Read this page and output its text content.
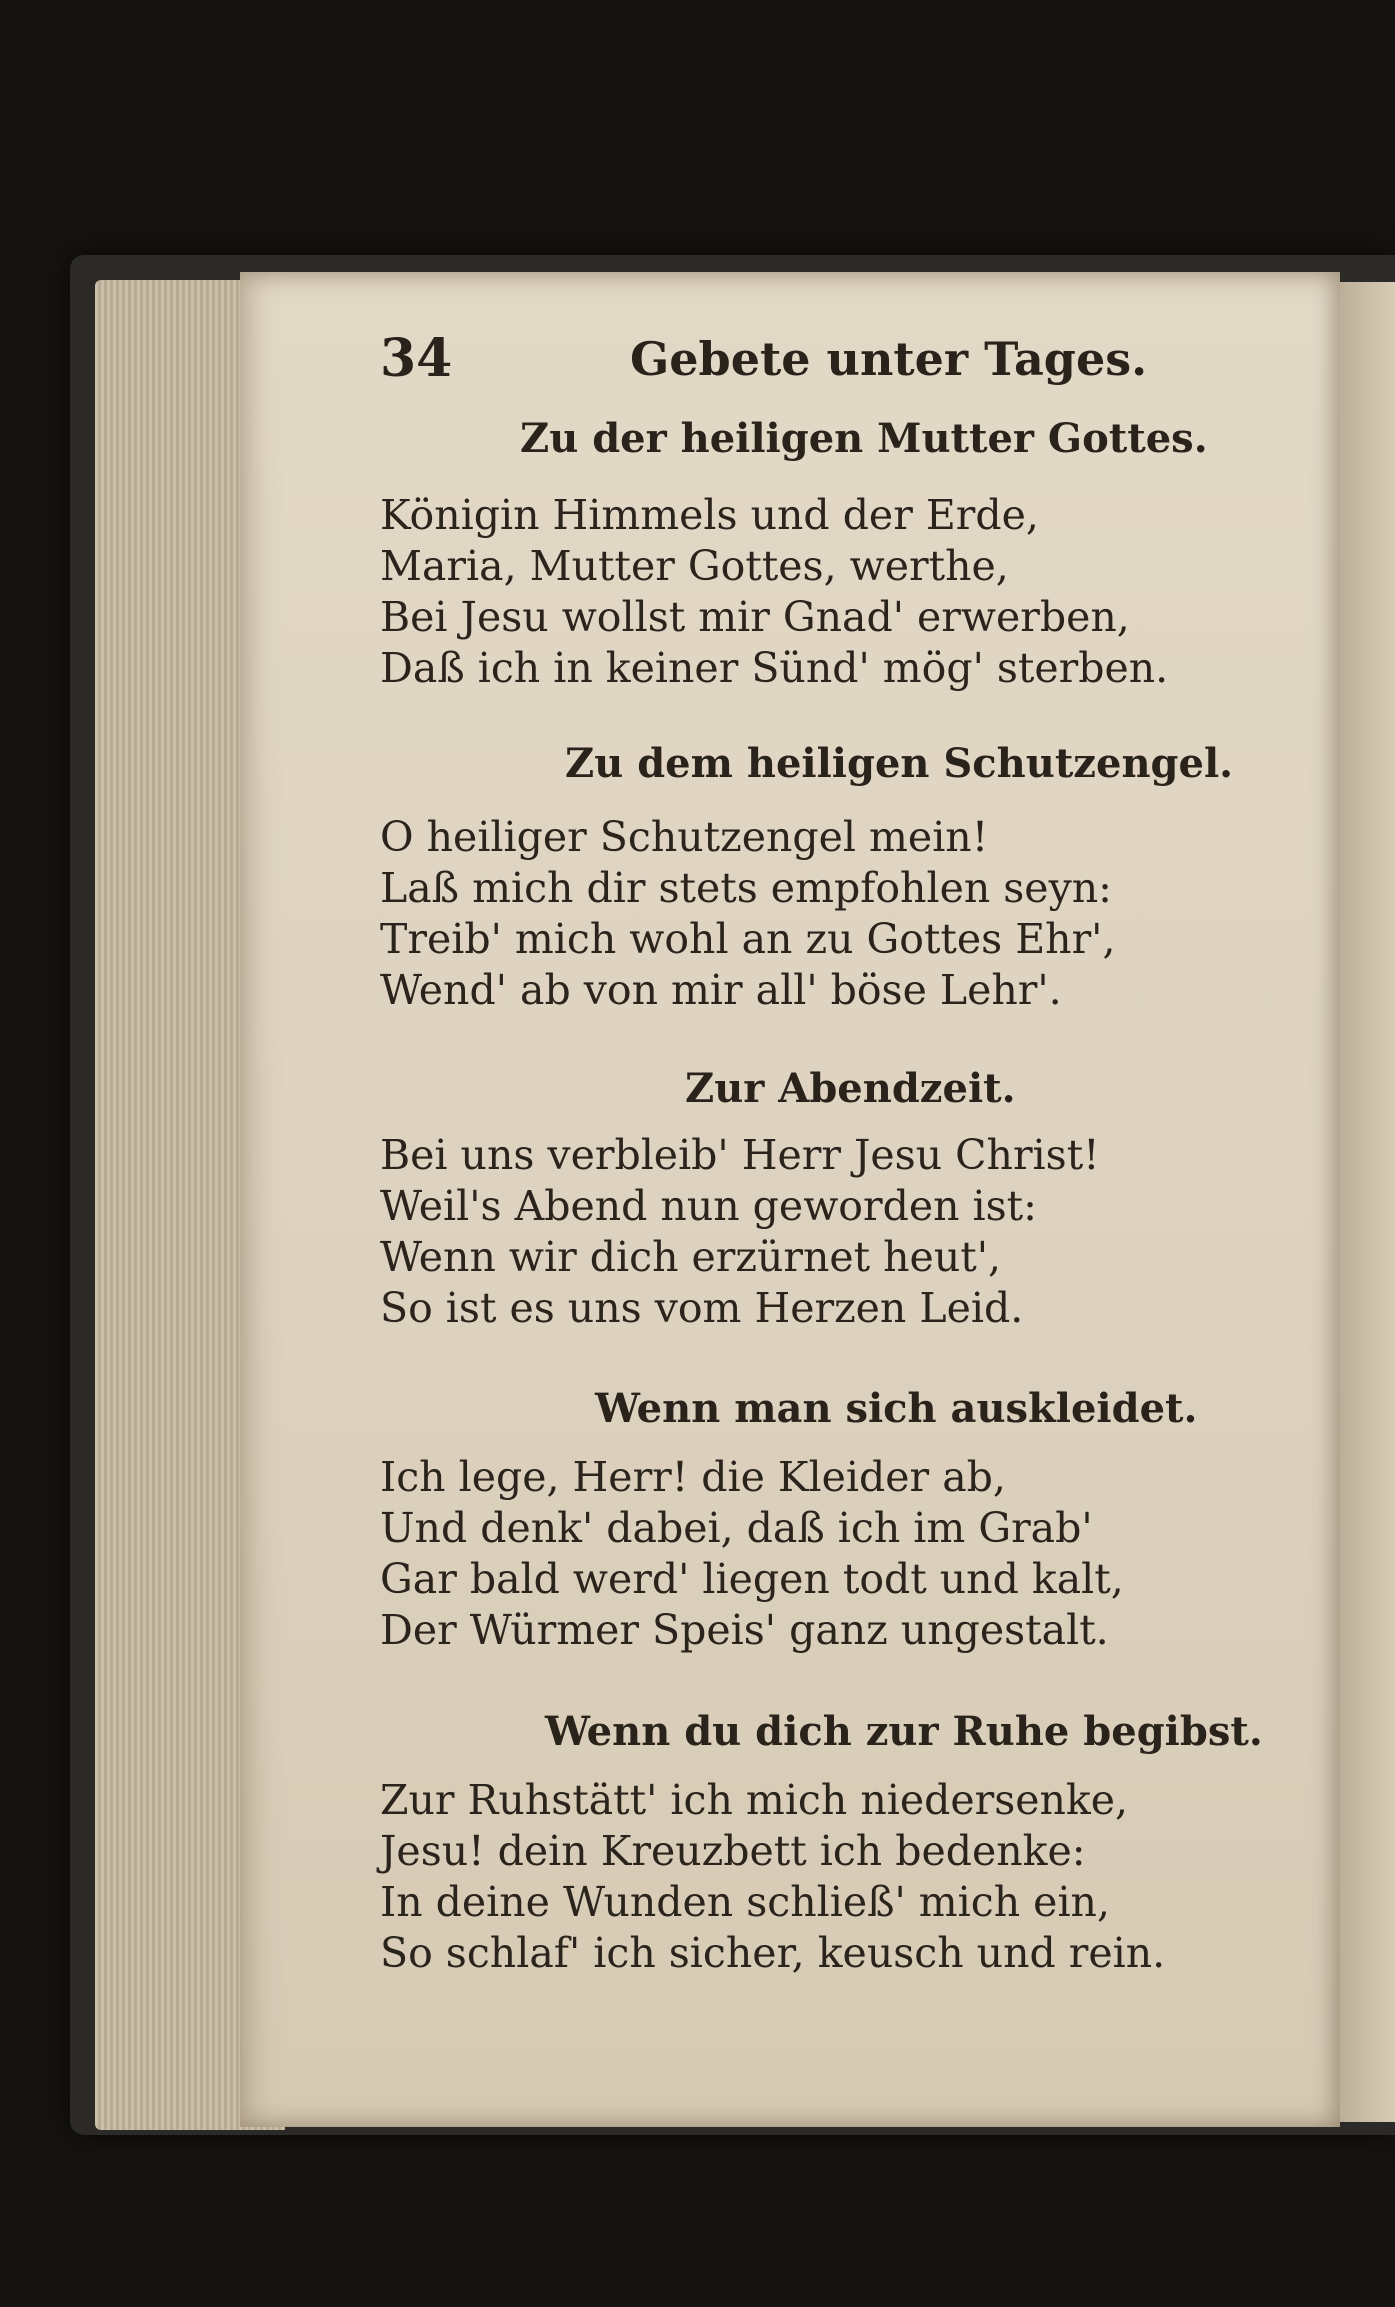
34	Gebete unter Tages.
Zu der heiligen Mutter Gottes.
Königin Himmels und der Erde,
Maria, Mutter Gottes, werthe,
Bei Jesu wollst mir Gnad' erwerben,
Daß ich in keiner Sünd' mög' sterben.
Zu dem heiligen Schutzengel.
O heiliger Schutzengel mein!
Laß mich dir stets empfohlen seyn:
Treib' mich wohl an zu Gottes Ehr',
Wend' ab von mir all' böse Lehr'.
Zur Abendzeit.
Bei uns verbleib' Herr Jesu Christ!
Weil's Abend nun geworden ist:
Wenn wir dich erzürnet heut',
So ist es uns vom Herzen Leid.
Wenn man sich auskleidet.
Ich lege, Herr! die Kleider ab,
Und denk' dabei, daß ich im Grab'
Gar bald werd' liegen todt und kalt,
Der Würmer Speis' ganz ungestalt.
Wenn du dich zur Ruhe begibst.
Zur Ruhstätt' ich mich niedersenke,
Jesu! dein Kreuzbett ich bedenke:
In deine Wunden schließ' mich ein,
So schlaf' ich sicher, keusch und rein.
